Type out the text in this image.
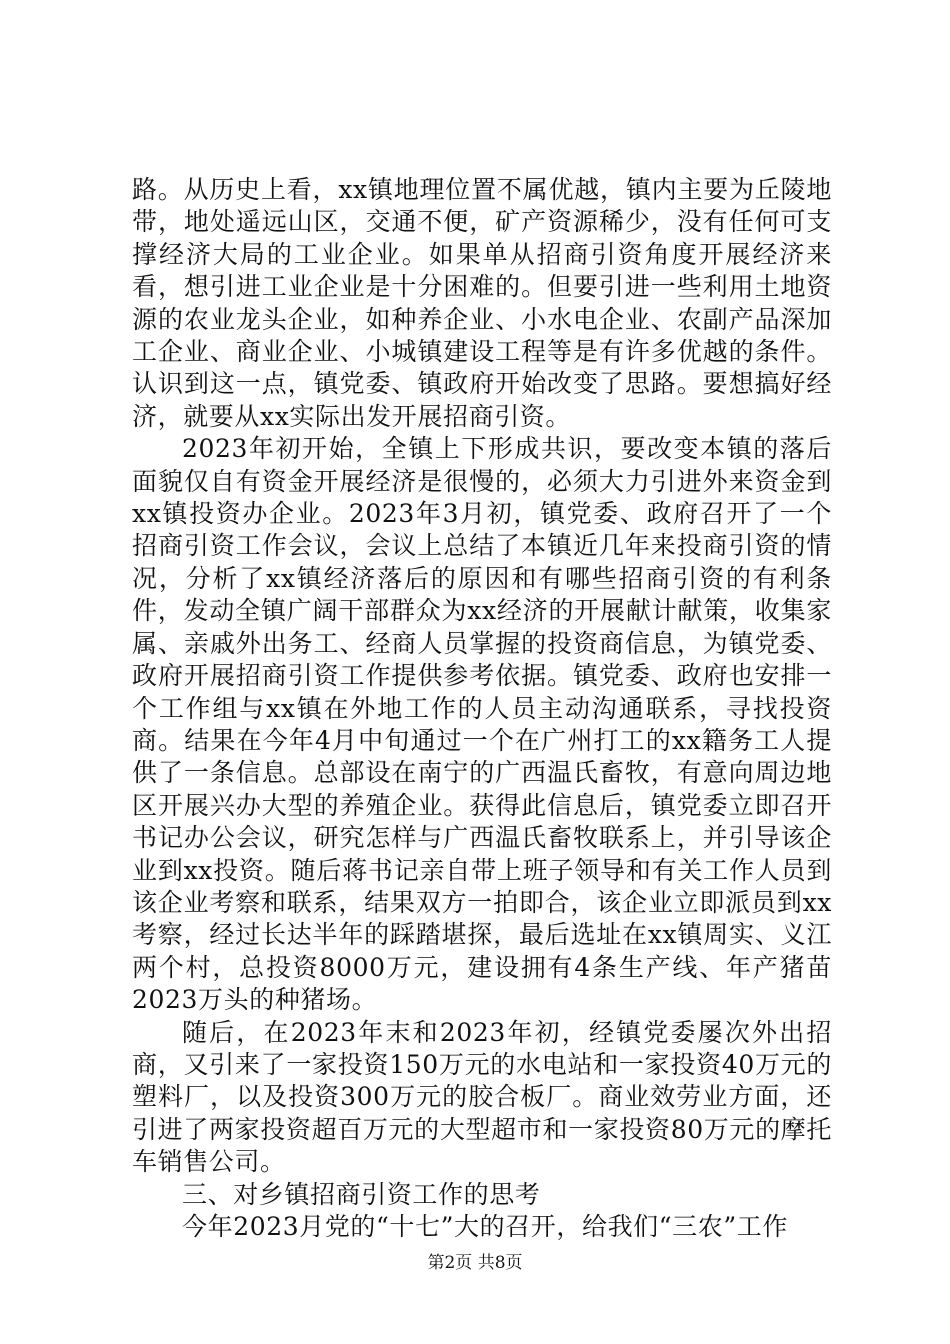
路。从历史上看，xx镇地理位置不属优越，镇内主要为丘陵地带，地处遥远山区，交通不便，矿产资源稀少，没有任何可支撑经济大局的工业企业。如果单从招商引资角度开展经济来看，想引进工业企业是十分困难的。但要引进一些利用土地资源的农业龙头企业，如种养企业、小水电企业、农副产品深加工企业、商业企业、小城镇建设工程等是有许多优越的条件。认识到这一点，镇党委、镇政府开始改变了思路。要想搞好经济，就要从xx实际出发开展招商引资。

2023年初开始，全镇上下形成共识，要改变本镇的落后面貌仅自有资金开展经济是很慢的，必须大力引进外来资金到xx镇投资办企业。2023年3月初，镇党委、政府召开了一个招商引资工作会议，会议上总结了本镇近几年来投商引资的情况，分析了xx镇经济落后的原因和有哪些招商引资的有利条件，发动全镇广阔干部群众为xx经济的开展献计献策，收集家属、亲戚外出务工、经商人员掌握的投资商信息，为镇党委、政府开展招商引资工作提供参考依据。镇党委、政府也安排一个工作组与xx镇在外地工作的人员主动沟通联系，寻找投资商。结果在今年4月中旬通过一个在广州打工的xx籍务工人提供了一条信息。总部设在南宁的广西温氏畜牧，有意向周边地区开展兴办大型的养殖企业。获得此信息后，镇党委立即召开书记办公会议，研究怎样与广西温氏畜牧联系上，并引导该企业到xx投资。随后蒋书记亲自带上班子领导和有关工作人员到该企业考察和联系，结果双方一拍即合，该企业立即派员到xx考察，经过长达半年的踩踏堪探，最后选址在xx镇周实、义江两个村，总投资8000万元，建设拥有4条生产线、年产猪苗2023万头的种猪场。

随后，在2023年末和2023年初，经镇党委屡次外出招商，又引来了一家投资150万元的水电站和一家投资40万元的塑料厂，以及投资300万元的胶合板厂。商业效劳业方面，还引进了两家投资超百万元的大型超市和一家投资80万元的摩托车销售公司。

三、对乡镇招商引资工作的思考

今年2023月党的“十七”大的召开，给我们“三农”工作

第2页 共8页
